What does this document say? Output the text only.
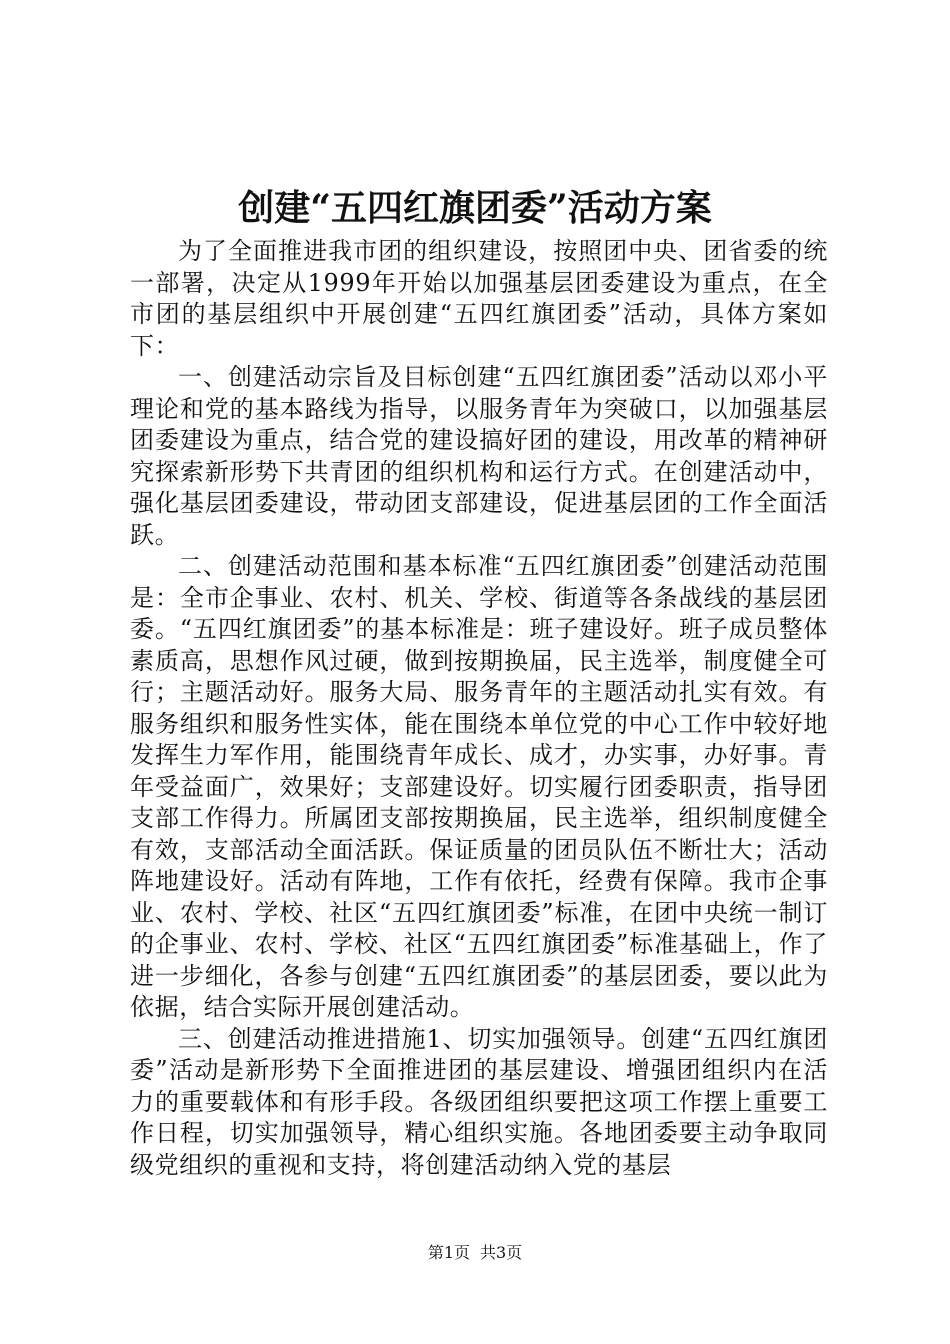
创建“五四红旗团委”活动方案

为了全面推进我市团的组织建设，按照团中央、团省委的统一部署，决定从1999年开始以加强基层团委建设为重点，在全市团的基层组织中开展创建“五四红旗团委”活动，具体方案如下：

一、创建活动宗旨及目标创建“五四红旗团委”活动以邓小平理论和党的基本路线为指导，以服务青年为突破口，以加强基层团委建设为重点，结合党的建设搞好团的建设，用改革的精神研究探索新形势下共青团的组织机构和运行方式。在创建活动中，强化基层团委建设，带动团支部建设，促进基层团的工作全面活跃。

二、创建活动范围和基本标准“五四红旗团委”创建活动范围是：全市企事业、农村、机关、学校、街道等各条战线的基层团委。“五四红旗团委”的基本标准是：班子建设好。班子成员整体素质高，思想作风过硬，做到按期换届，民主选举，制度健全可行；主题活动好。服务大局、服务青年的主题活动扎实有效。有服务组织和服务性实体，能在围绕本单位党的中心工作中较好地发挥生力军作用，能围绕青年成长、成才，办实事，办好事。青年受益面广，效果好；支部建设好。切实履行团委职责，指导团支部工作得力。所属团支部按期换届，民主选举，组织制度健全有效，支部活动全面活跃。保证质量的团员队伍不断壮大；活动阵地建设好。活动有阵地，工作有依托，经费有保障。我市企事业、农村、学校、社区“五四红旗团委”标准，在团中央统一制订的企事业、农村、学校、社区“五四红旗团委”标准基础上，作了进一步细化，各参与创建“五四红旗团委”的基层团委，要以此为依据，结合实际开展创建活动。

三、创建活动推进措施1、切实加强领导。创建“五四红旗团委”活动是新形势下全面推进团的基层建设、增强团组织内在活力的重要载体和有形手段。各级团组织要把这项工作摆上重要工作日程，切实加强领导，精心组织实施。各地团委要主动争取同级党组织的重视和支持，将创建活动纳入党的基层

第1页 共3页
